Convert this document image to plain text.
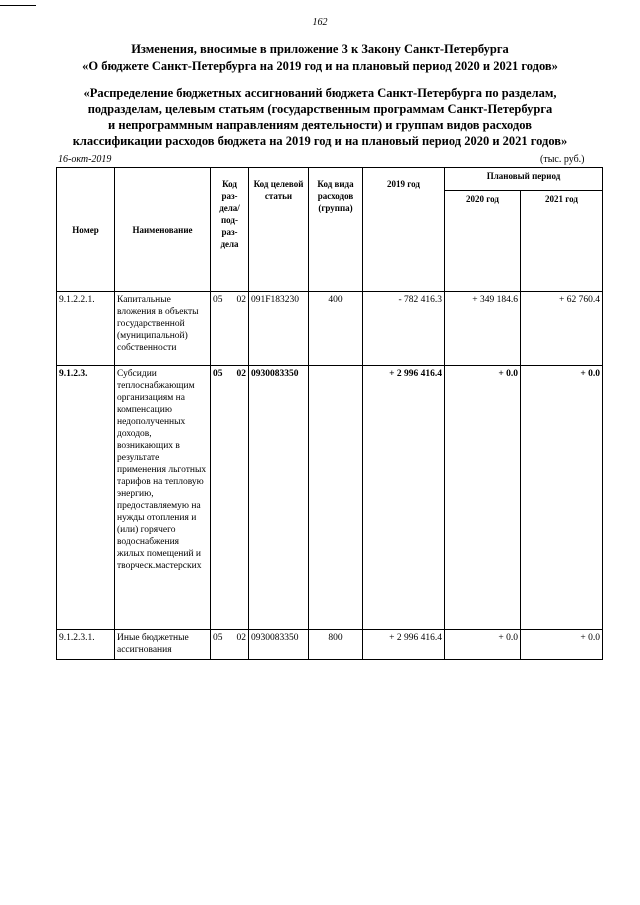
162
Изменения, вносимые в приложение 3 к Закону Санкт-Петербурга
«О бюджете Санкт-Петербурга на 2019 год и на плановый период 2020 и 2021 годов»
«Распределение бюджетных ассигнований бюджета Санкт-Петербурга по разделам,
подразделам, целевым статьям (государственным программам Санкт-Петербурга
и непрограммным направлениям деятельности) и группам видов расходов
классификации расходов бюджета на 2019 год и на плановый период 2020 и 2021 годов»
16-окт-2019	(тыс. руб.)
Номер	Наименование	Код раз-дела/ под-раз-дела	Код целевой статьи	Код вида расходов (группа)	2019 год	Плановый период	
						2020 год	2021 год
9.1.2.2.1.	Капитальные вложения в объекты государственной (муниципальной) собственности	05 02	091F183230	400	- 782 416.3	+ 349 184.6	+ 62 760.4
9.1.2.3.	Субсидии теплоснабжающим организациям на компенсацию недополученных доходов, возникающих в результате применения льготных тарифов на тепловую энергию, предоставляемую на нужды отопления и (или) горячего водоснабжения жилых помещений и творческ.мастерских	05 02	0930083350		+ 2 996 416.4	+ 0.0	+ 0.0
9.1.2.3.1.	Иные бюджетные ассигнования	05 02	0930083350	800	+ 2 996 416.4	+ 0.0	+ 0.0
